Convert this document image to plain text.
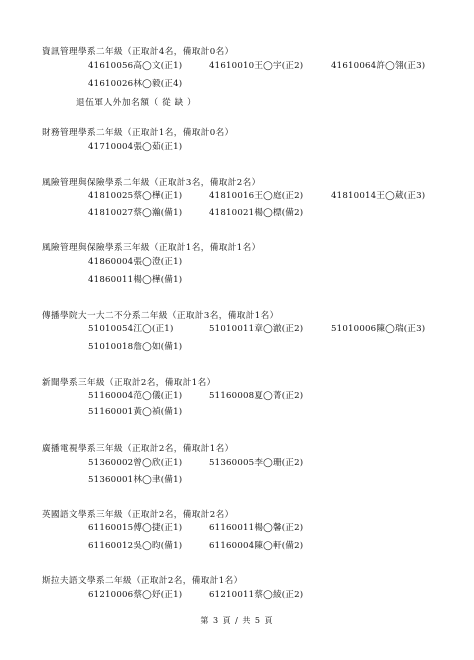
資訊管理學系二年級（正取計4名，備取計0名）
41610056高◯文(正1)	41610010王◯宇(正2)	41610064許◯翎(正3)
41610026林◯毅(正4)
退伍軍人外加名額（ 從 缺 ）
財務管理學系二年級（正取計1名，備取計0名）
41710004張◯茹(正1)
風險管理與保險學系二年級（正取計3名，備取計2名）
41810025蔡◯樺(正1)	41810016王◯庭(正2)	41810014王◯葳(正3)
41810027蔡◯瀚(備1)	41810021楊◯標(備2)
風險管理與保險學系三年級（正取計1名，備取計1名）
41860004張◯澄(正1)
41860011楊◯樺(備1)
傳播學院大一大二不分系二年級（正取計3名，備取計1名）
51010054江◯(正1)	51010011章◯澈(正2)	51010006陳◯瑞(正3)
51010018詹◯如(備1)
新聞學系三年級（正取計2名，備取計1名）
51160004范◯儀(正1)	51160008夏◯菁(正2)
51160001黃◯禎(備1)
廣播電視學系三年級（正取計2名，備取計1名）
51360002曾◯欣(正1)	51360005李◯珊(正2)
51360001林◯聿(備1)
英國語文學系三年級（正取計2名，備取計2名）
61160015傅◯捷(正1)	61160011楊◯馨(正2)
61160012吳◯昀(備1)	61160004陳◯軒(備2)
斯拉夫語文學系二年級（正取計2名，備取計1名）
61210006蔡◯妤(正1)	61210011蔡◯綾(正2)
第 3 頁 / 共 5 頁
